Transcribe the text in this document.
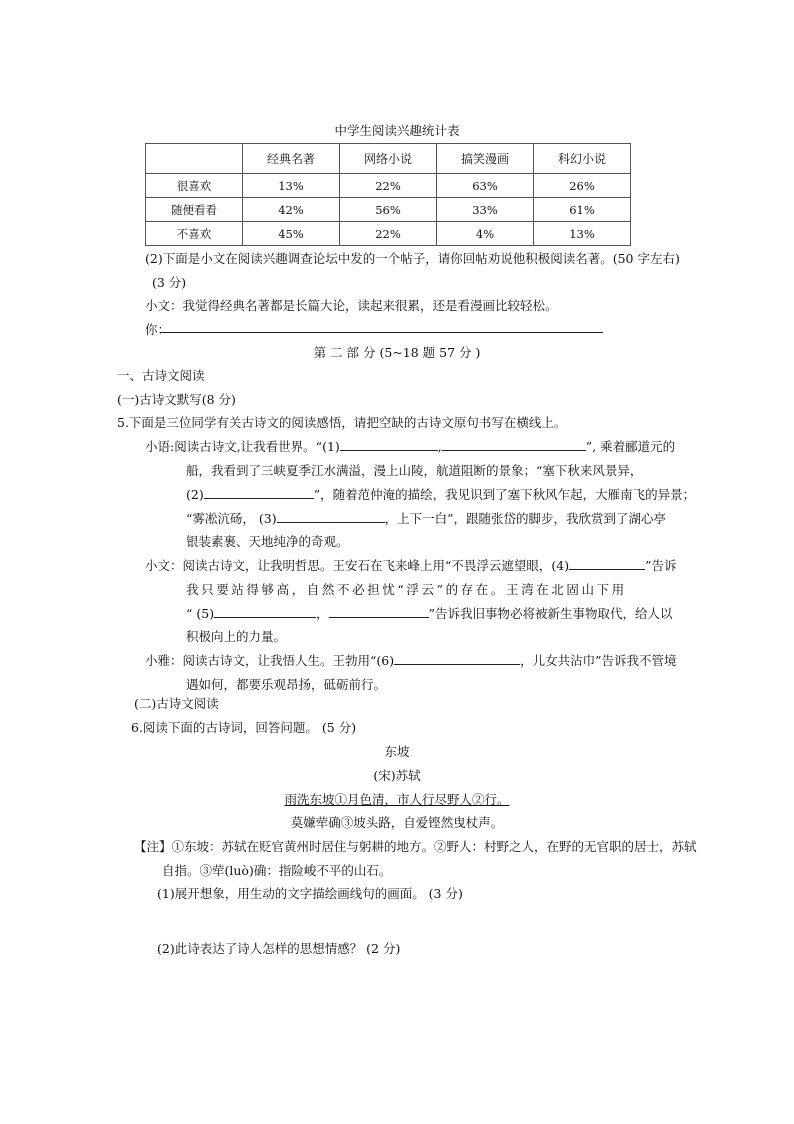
中学生阅读兴趣统计表
	经典名著	网络小说	搞笑漫画	科幻小说
很喜欢	13%	22%	63%	26%
随便看看	42%	56%	33%	61%
不喜欢	45%	22%	4%	13%
(2)下面是小文在阅读兴趣调查论坛中发的一个帖子，请你回帖劝说他积极阅读名著。(50 字左右)
(3 分)
小文：我觉得经典名著都是长篇大论，读起来很累，还是看漫画比较轻松。
你：
第 二 部 分 (5~18 题 57 分 )
一、古诗文阅读
(一)古诗文默写(8 分)
5.下面是三位同学有关古诗文的阅读感悟，请把空缺的古诗文原句书写在横线上。
小语:阅读古诗文,让我看世界。“(1)	,	”, 乘着郦道元的
船，我看到了三峡夏季江水满溢，漫上山陵，航道阻断的景象；“塞下秋来风景异，
(2)	”，随着范仲淹的描绘，我见识到了塞下秋风乍起，大雁南飞的异景；
“雾凇沆砀， (3)	，上下一白”，跟随张岱的脚步，我欣赏到了湖心亭
银装素裹、天地纯净的奇观。
小文：阅读古诗文，让我明哲思。王安石在飞来峰上用“不畏浮云遮望眼，(4)	”告诉
我只要站得够高，自然不必担忧“浮云”的存在。王湾在北固山下用
“ (5)	，	”告诉我旧事物必将被新生事物取代，给人以
积极向上的力量。
小雅：阅读古诗文，让我悟人生。王勃用“(6)	，儿女共沾巾”告诉我不管境
遇如何，都要乐观昂扬，砥砺前行。
(二)古诗文阅读
6.阅读下面的古诗词，回答问题。 (5 分)
东坡
(宋)苏轼
雨洗东坡①月色清，市人行尽野人②行。
莫嫌荦确③坡头路，自爱铿然曳杖声。
【注】①东坡：苏轼在贬官黄州时居住与躬耕的地方。②野人：村野之人，在野的无官职的居士，苏轼
自指。③荦(luò)确：指险峻不平的山石。
(1)展开想象，用生动的文字描绘画线句的画面。 (3 分)
(2)此诗表达了诗人怎样的思想情感？ (2 分)
